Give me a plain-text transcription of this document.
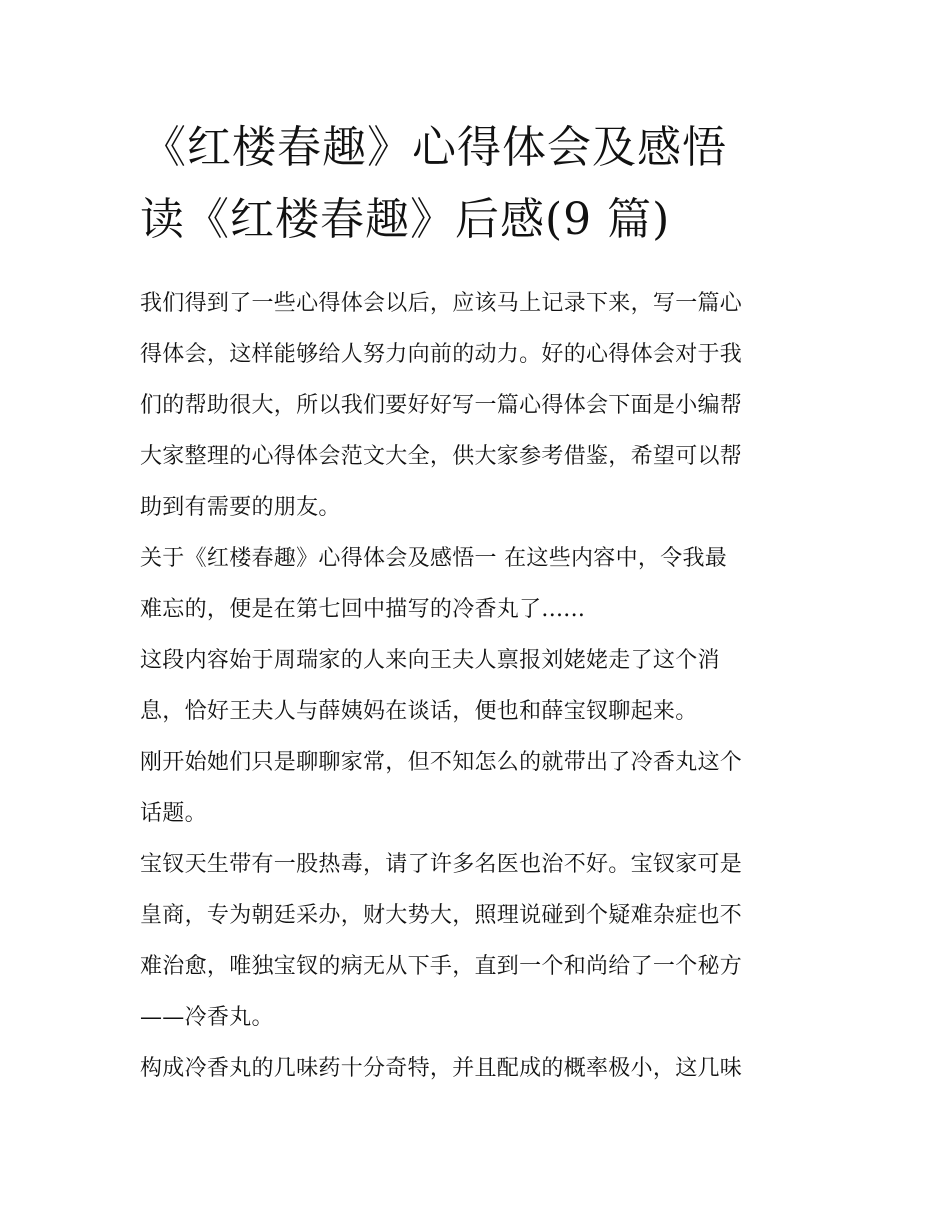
《红楼春趣》心得体会及感悟
读《红楼春趣》后感(9 篇)
我们得到了一些心得体会以后，应该马上记录下来，写一篇心
得体会，这样能够给人努力向前的动力。好的心得体会对于我
们的帮助很大，所以我们要好好写一篇心得体会下面是小编帮
大家整理的心得体会范文大全，供大家参考借鉴，希望可以帮
助到有需要的朋友。
关于《红楼春趣》心得体会及感悟一 在这些内容中，令我最
难忘的，便是在第七回中描写的冷香丸了......
这段内容始于周瑞家的人来向王夫人禀报刘姥姥走了这个消
息，恰好王夫人与薛姨妈在谈话，便也和薛宝钗聊起来。
刚开始她们只是聊聊家常，但不知怎么的就带出了冷香丸这个
话题。
宝钗天生带有一股热毒，请了许多名医也治不好。宝钗家可是
皇商，专为朝廷采办，财大势大，照理说碰到个疑难杂症也不
难治愈，唯独宝钗的病无从下手，直到一个和尚给了一个秘方
——冷香丸。
构成冷香丸的几味药十分奇特，并且配成的概率极小，这几味
